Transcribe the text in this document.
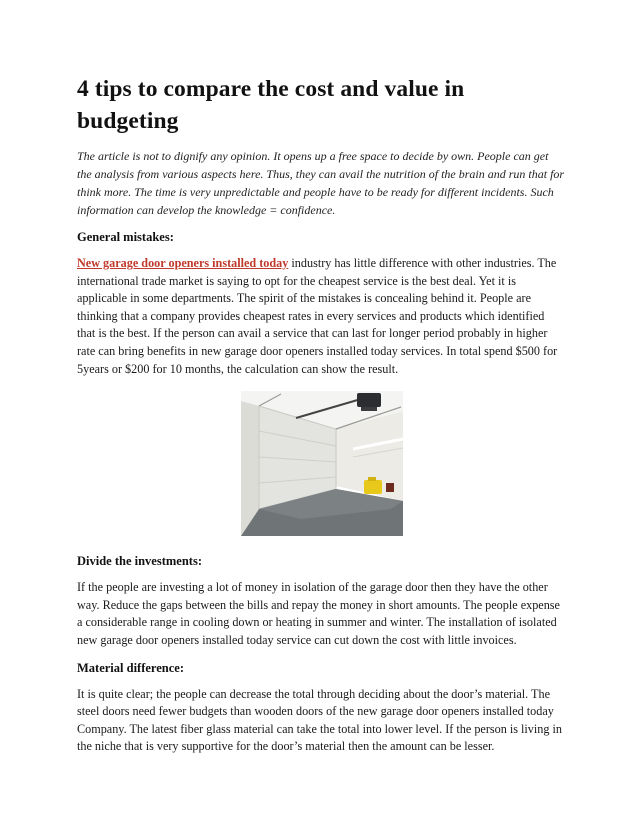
4 tips to compare the cost and value in budgeting

The article is not to dignify any opinion. It opens up a free space to decide by own. People can get the analysis from various aspects here. Thus, they can avail the nutrition of the brain and run that for think more. The time is very unpredictable and people have to be ready for different incidents. Such information can develop the knowledge = confidence.

General mistakes:

New garage door openers installed today industry has little difference with other industries. The international trade market is saying to opt for the cheapest service is the best deal. Yet it is applicable in some departments. The spirit of the mistakes is concealing behind it. People are thinking that a company provides cheapest rates in every services and products which identified that is the best. If the person can avail a service that can last for longer period probably in higher rate can bring benefits in new garage door openers installed today services. In total spend $500 for 5years or $200 for 10 months, the calculation can show the result.

Divide the investments:

If the people are investing a lot of money in isolation of the garage door then they have the other way. Reduce the gaps between the bills and repay the money in short amounts. The people expense a considerable range in cooling down or heating in summer and winter. The installation of isolated new garage door openers installed today service can cut down the cost with little invoices.

Material difference:

It is quite clear; the people can decrease the total through deciding about the door’s material. The steel doors need fewer budgets than wooden doors of the new garage door openers installed today Company. The latest fiber glass material can take the total into lower level. If the person is living in the niche that is very supportive for the door’s material then the amount can be lesser.
